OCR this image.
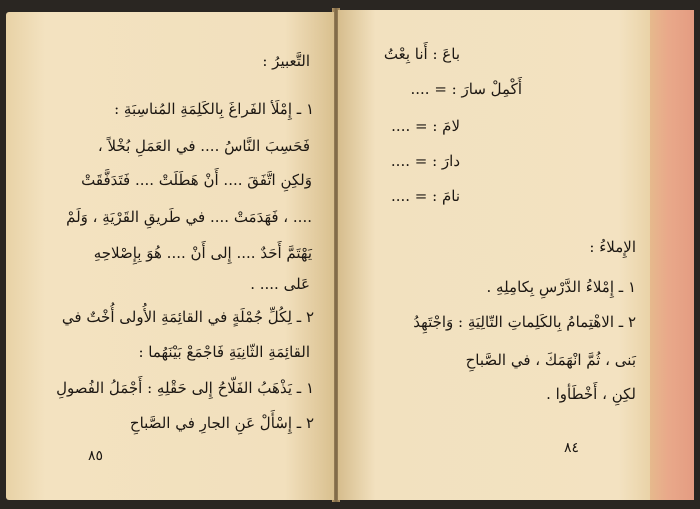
التَّعبيرُ :
١ ـ إِمْلَأ الفَراغَ بِالكَلِمَةِ المُناسِبَةِ :
فَحَسِبَ النَّاسُ .... في العَمَلِ بُخْلاً ،
وَلكِنِ اتَّفَقَ .... أَنْ هَطَلَتْ .... فَتَدَفَّقَتْ
.... ، فَهَدَمَتْ .... في طَريقِ القَرْيَةِ ، وَلَمْ
يَهْتَمَّ أَحَدٌ .... إِلى أَنْ .... هُوَ بِإِصْلاحِهِ
عَلى .... .
٢ ـ لِكُلِّ جُمْلَةٍ في القائِمَةِ الأُولى أُخْتٌ في
القائِمَةِ الثّانِيَةِ فَاجْمَعْ بَيْنَهُما :
١ ـ يَذْهَبُ الفَلّاحُ إِلى حَقْلِهِ : أَجْمَلُ الفُصولِ
٢ ـ إِسْأَلْ عَنِ الجارِ في الصَّباحِ
٨٥
باعَ : أَنا بِعْتُ
أَكْمِلْ سارَ : = ....
لامَ : = ....
دارَ : = ....
نامَ : = ....
الإِملاءُ :
١ ـ إِمْلاءُ الدَّرْسِ بِكامِلِهِ .
٢ ـ الاهْتِمامُ بِالكَلِماتِ التّالِيَةِ : وَاجْتَهِدُ
بَنى ، ثُمَّ انْهَمَكَ ، في الصَّباحِ
لكِنِ ، أَخْطَأوا .
٨٤
